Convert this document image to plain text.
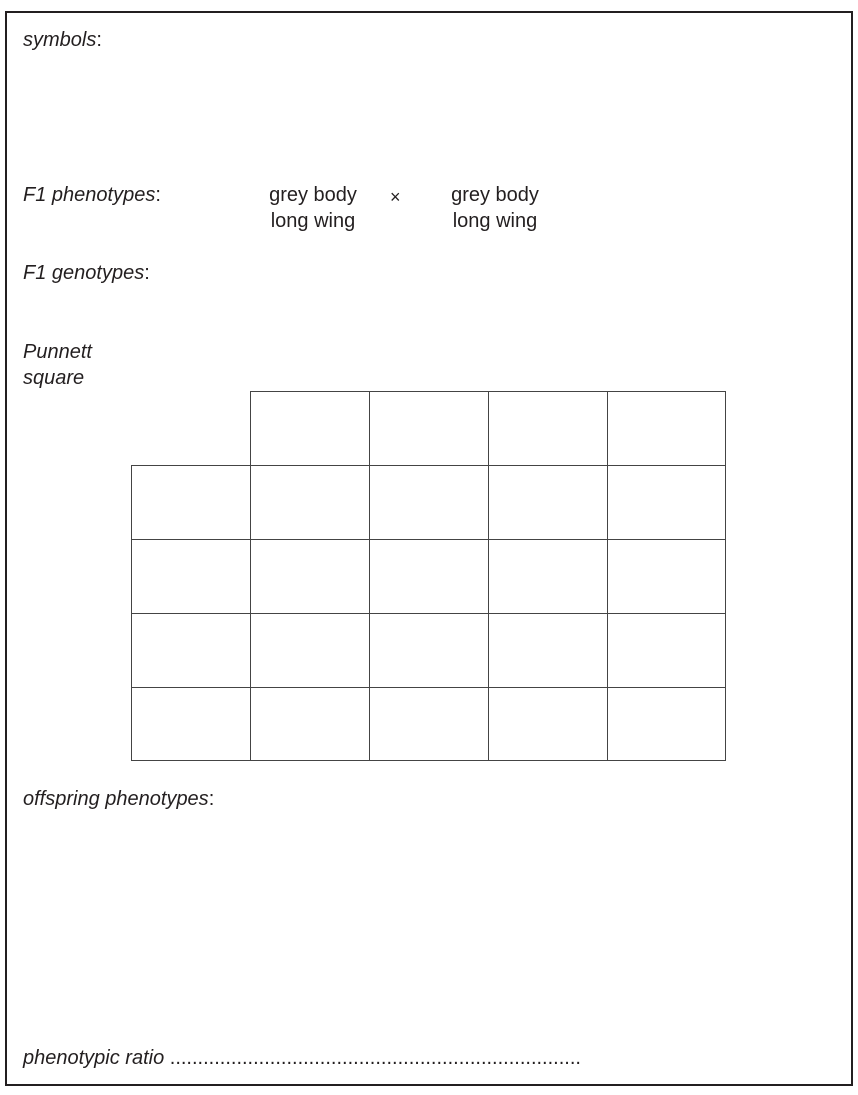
symbols:
F1 phenotypes:	grey body
long wing
×	grey body
long wing
F1 genotypes:
Punnett
square
offspring phenotypes:
phenotypic ratio ..........................................................................
